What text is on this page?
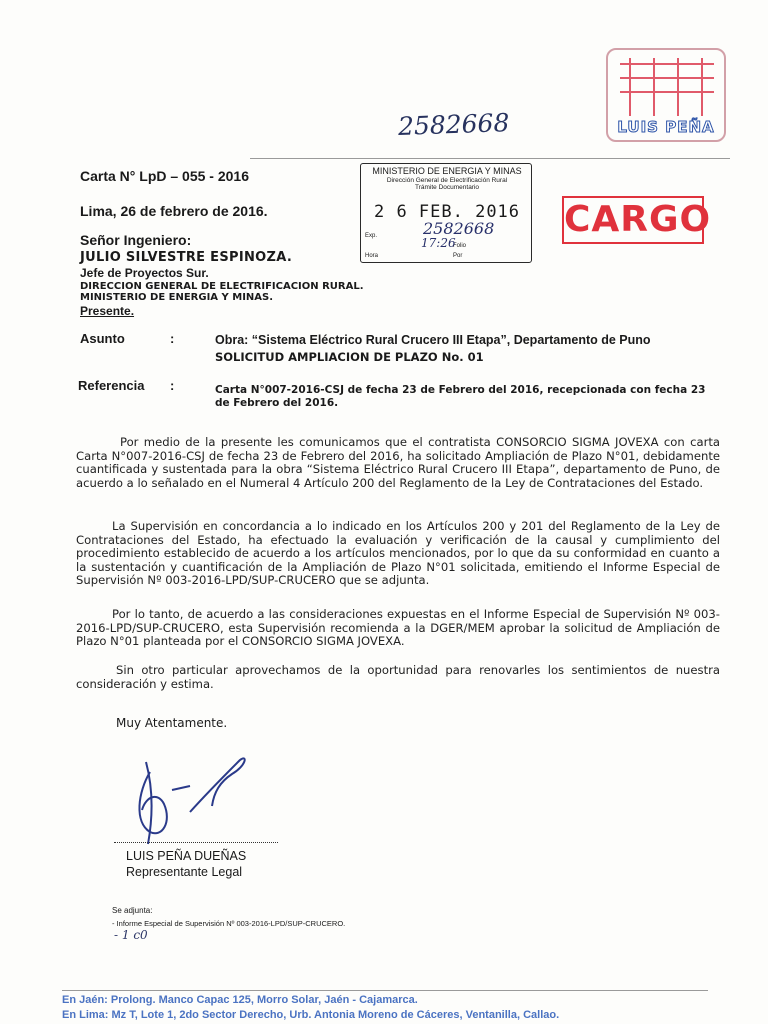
LUIS PEÑA
2582668
Carta N° LpD – 055 - 2016
Lima, 26 de febrero de 2016.
Señor Ingeniero:
JULIO SILVESTRE ESPINOZA.
Jefe de Proyectos Sur.
DIRECCION GENERAL DE ELECTRIFICACION RURAL.
MINISTERIO DE ENERGIA Y MINAS.
Presente.
MINISTERIO DE ENERGIA Y MINAS
Dirección General de Electrificación Rural
Trámite Documentario
2 6 FEB. 2016
Exp.
Hora
Folio
Por
2582668
17:26
CARGO
Asunto	:	Obra: “Sistema Eléctrico Rural Crucero III Etapa”, Departamento de Puno
SOLICITUD AMPLIACION DE PLAZO No. 01
Referencia :	Carta N°007-2016-CSJ de fecha 23 de Febrero del 2016, recepcionada con fecha 23 de Febrero del 2016.
Por medio de la presente les comunicamos que el contratista CONSORCIO SIGMA JOVEXA con carta Carta N°007-2016-CSJ de fecha 23 de Febrero del 2016, ha solicitado Ampliación de Plazo N°01, debidamente cuantificada y sustentada para la obra “Sistema Eléctrico Rural Crucero III Etapa”, departamento de Puno, de acuerdo a lo señalado en el Numeral 4 Artículo 200 del Reglamento de la Ley de Contrataciones del Estado.
La Supervisión en concordancia a lo indicado en los Artículos 200 y 201 del Reglamento de la Ley de Contrataciones del Estado, ha efectuado la evaluación y verificación de la causal y cumplimiento del procedimiento establecido de acuerdo a los artículos mencionados, por lo que da su conformidad en cuanto a la sustentación y cuantificación de la Ampliación de Plazo N°01 solicitada, emitiendo el Informe Especial de Supervisión Nº 003-2016-LPD/SUP-CRUCERO que se adjunta.
Por lo tanto, de acuerdo a las consideraciones expuestas en el Informe Especial de Supervisión Nº 003-2016-LPD/SUP-CRUCERO, esta Supervisión recomienda a la DGER/MEM aprobar la solicitud de Ampliación de Plazo N°01 planteada por el CONSORCIO SIGMA JOVEXA.
Sin otro particular aprovechamos de la oportunidad para renovarles los sentimientos de nuestra consideración y estima.
Muy Atentamente.
LUIS PEÑA DUEÑAS
Representante Legal
Se adjunta:
- Informe Especial de Supervisión Nº 003-2016-LPD/SUP-CRUCERO.
- 1 c0
En Jaén: Prolong. Manco Capac 125, Morro Solar, Jaén - Cajamarca.
En Lima: Mz T, Lote 1, 2do Sector Derecho, Urb. Antonia Moreno de Cáceres, Ventanilla, Callao.
